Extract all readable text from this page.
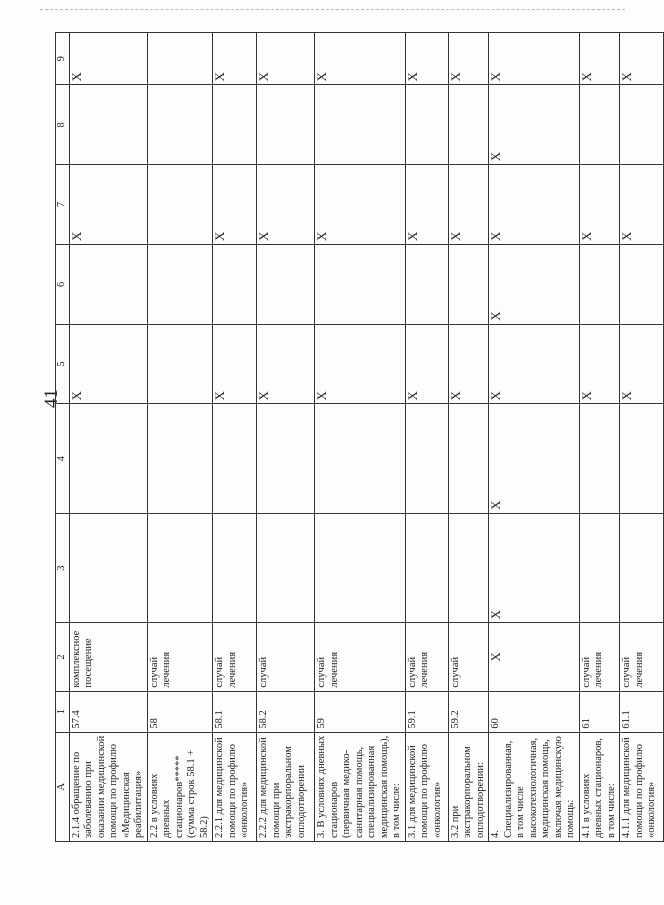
41
A	1	2	3	4	5	6	7	8	9
2.1.4 обращение по заболеванию при оказании медицинской помощи по профилю «Медицинская реабилитация»	57.4	комплексное посещение			X		X		X
2.2 в условиях дневных стационаров***** (сумма строк 58.1 + 58.2)	58	случай лечения							
2.2.1 для медицинской помощи по профилю «онкология»	58.1	случай лечения			X		X		X
2.2.2 для медицинской помощи при экстракорпоральном оплодотворении	58.2	случай			X		X		X
3. В условиях дневных стационаров (первичная медико-санитарная помощь, специализированная медицинская помощь), в том числе:	59	случай лечения			X		X		X
3.1 для медицинской помощи по профилю «онкология»	59.1	случай лечения			X		X		X
3.2 при экстракорпоральном оплодотворении:	59.2	случай			X		X		X
4. Специализированная, в том числе высокотехнологичная, медицинская помощь, включая медицинскую помощь:	60	X	X	X	X	X	X	X	X
4.1 в условиях дневных стационаров, в том числе:	61	случай лечения			X		X		X
4.1.1 для медицинской помощи по профилю «онкология»	61.1	случай лечения			X		X		X
